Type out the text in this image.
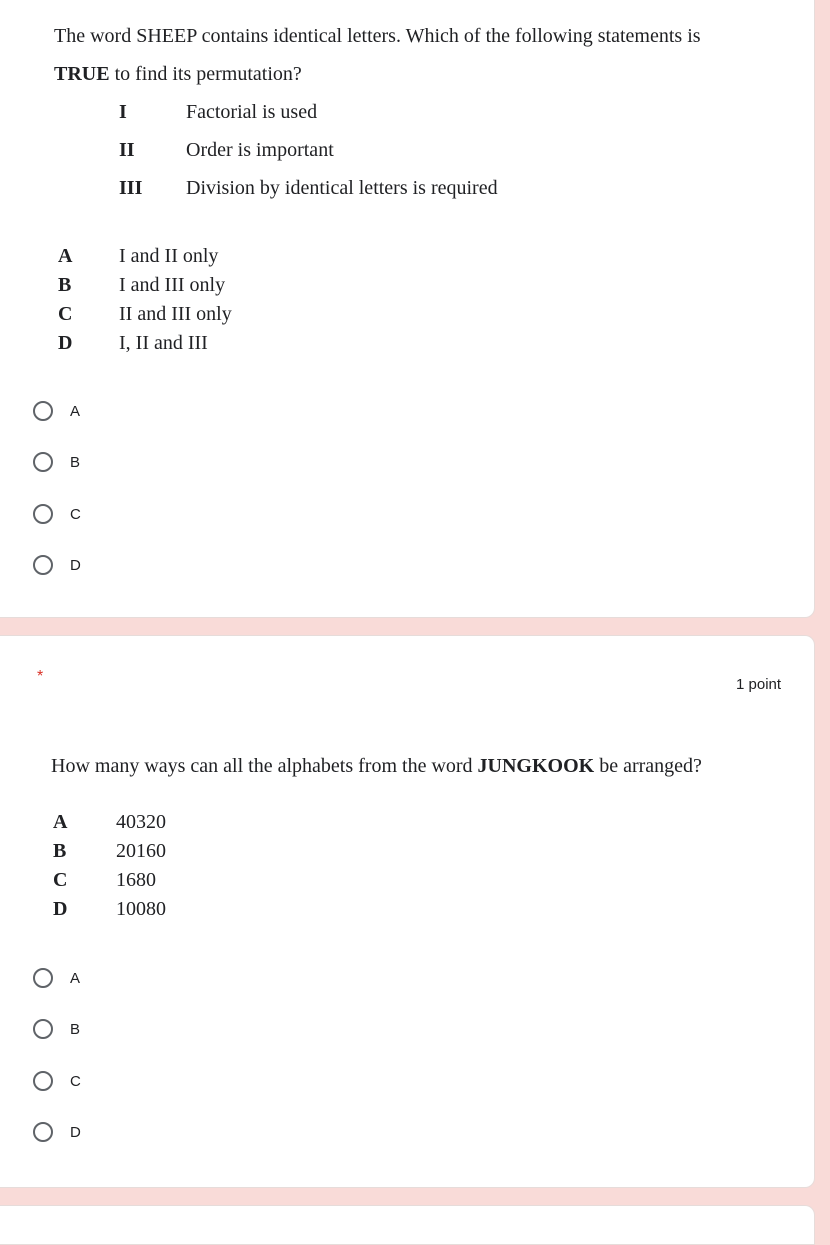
The word SHEEP contains identical letters. Which of the following statements is
TRUE to find its permutation?
I	Factorial is used
II	Order is important
III Division by identical letters is required
A I and II only
B I and III only
C II and III only
D I, II and III
A
B
C
D
*	1 point
How many ways can all the alphabets from the word JUNGKOOK be arranged?
A 40320
B 20160
C 1680
D 10080
A
B
C
D
